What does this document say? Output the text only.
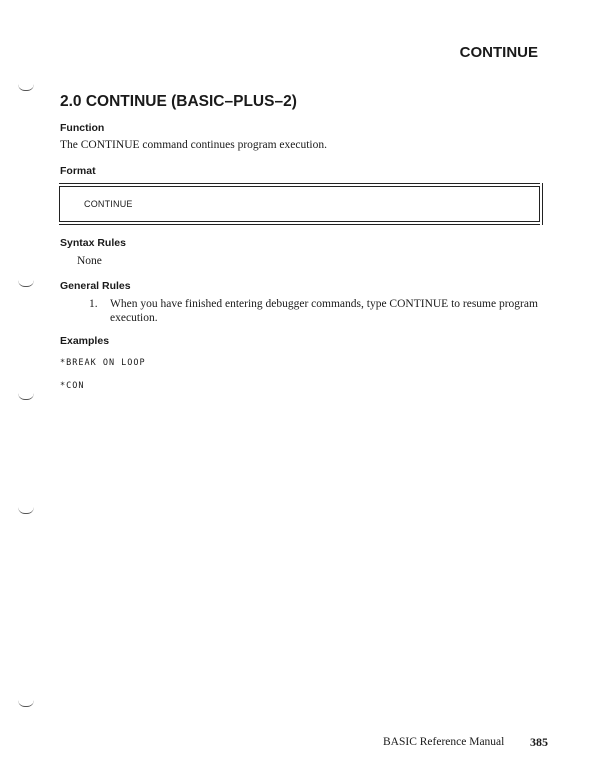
CONTINUE
2.0 CONTINUE (BASIC–PLUS–2)
Function
The CONTINUE command continues program execution.
Format
CONTINUE
Syntax Rules
None
General Rules
1. When you have finished entering debugger commands, type CONTINUE to resume program execution.
Examples
*BREAK ON LOOP
*CON
BASIC Reference Manual 385
